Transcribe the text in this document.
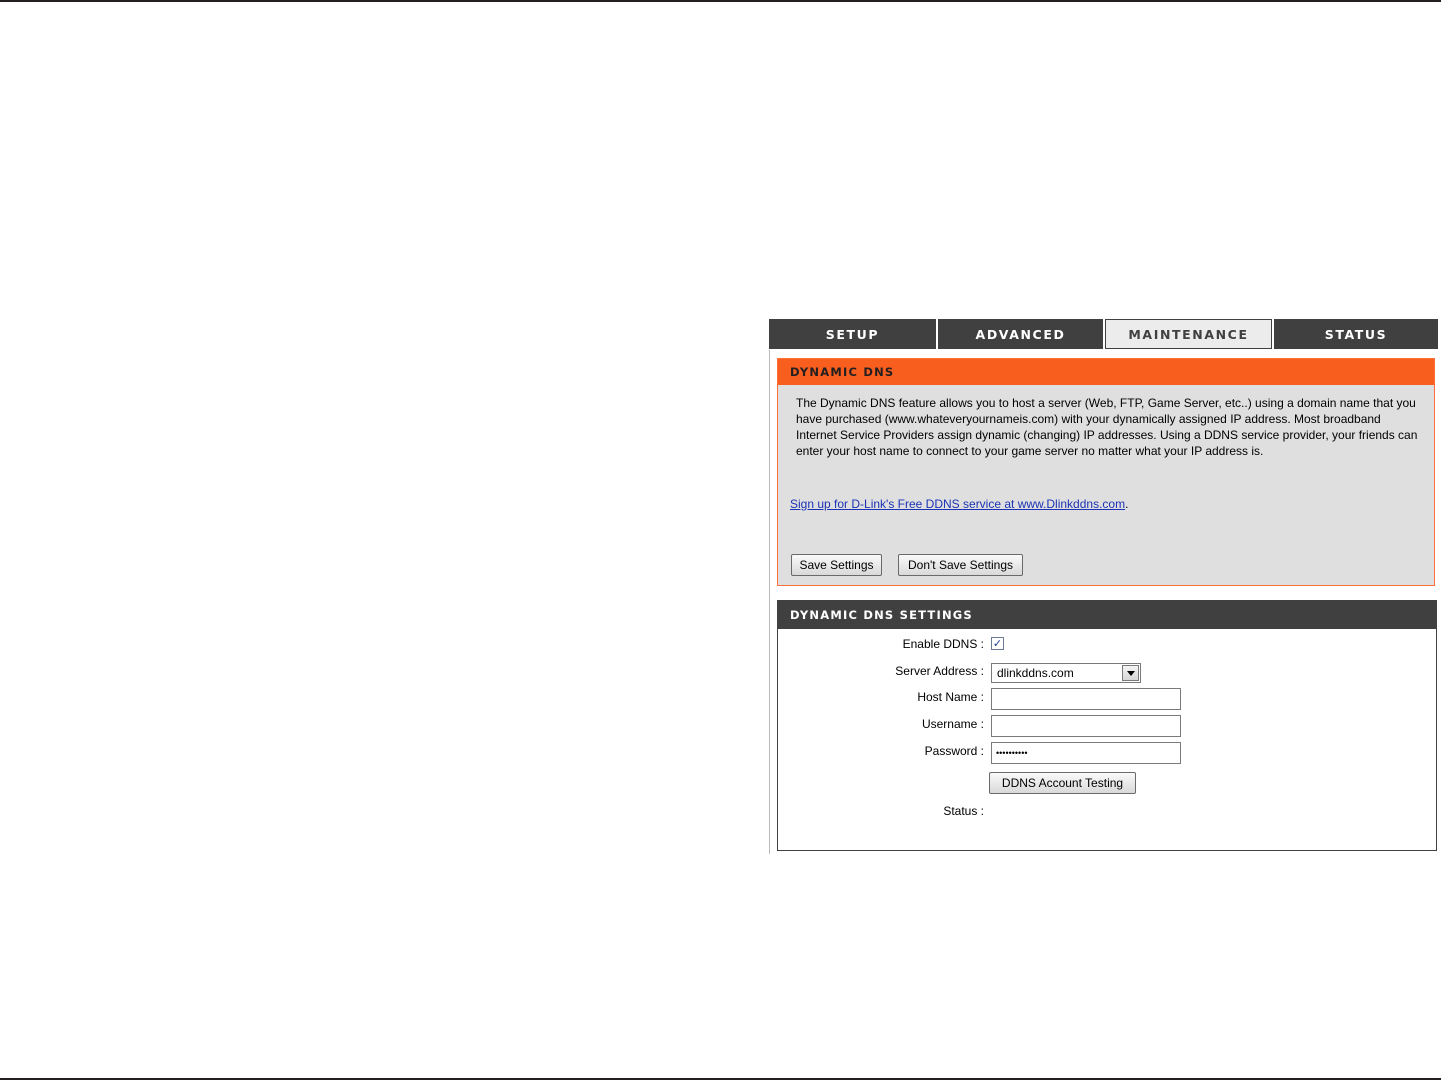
SETUP	ADVANCED	MAINTENANCE	STATUS
DYNAMIC DNS
The Dynamic DNS feature allows you to host a server (Web, FTP, Game Server, etc..) using a domain name that you have purchased (www.whateveryournameis.com) with your dynamically assigned IP address. Most broadband Internet Service Providers assign dynamic (changing) IP addresses. Using a DDNS service provider, your friends can enter your host name to connect to your game server no matter what your IP address is.
Sign up for D-Link's Free DDNS service at www.Dlinkddns.com.
Save Settings	Don't Save Settings
DYNAMIC DNS SETTINGS
Enable DDNS : ✓
Server Address : dlinkddns.com
Host Name :
Username :
Password :	••••••••••
DDNS Account Testing
Status :
